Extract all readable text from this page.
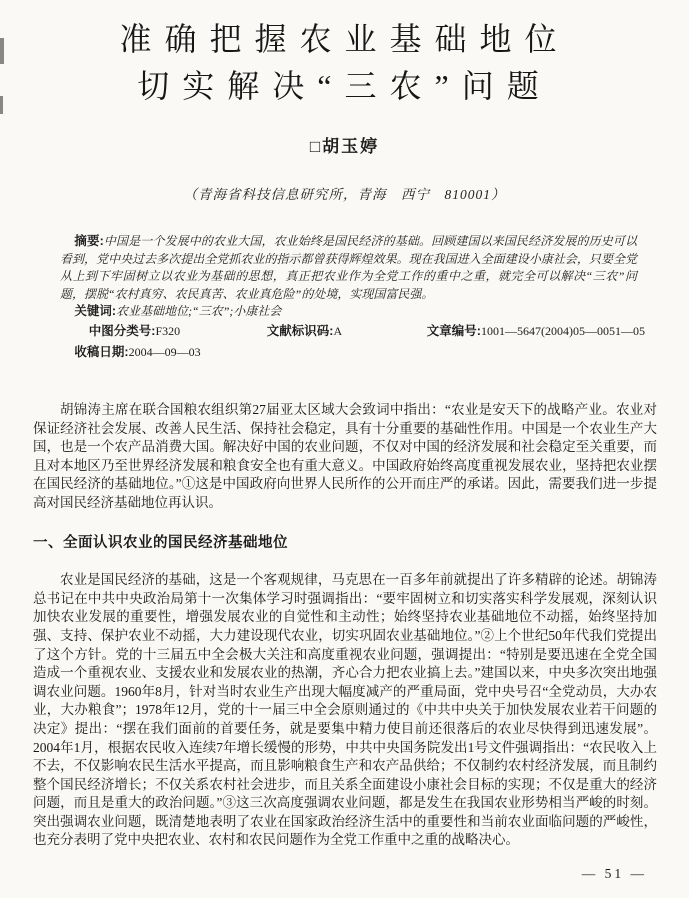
准确把握农业基础地位
切实解决“三农”问题
□胡玉婷
（青海省科技信息研究所，青海　西宁　810001）

摘要:中国是一个发展中的农业大国，农业始终是国民经济的基础。回顾建国以来国民经济发展的历史可以看到，党中央过去多次提出全党抓农业的指示都曾获得辉煌效果。现在我国进入全面建设小康社会，只要全党从上到下牢固树立以农业为基础的思想，真正把农业作为全党工作的重中之重，就完全可以解决“三农”问题，摆脱“农村真穷、农民真苦、农业真危险”的处境，实现国富民强。

关键词:农业基础地位;“三农”;小康社会

中图分类号:F320	文献标识码:A	文章编号:1001—5647(2004)05—0051—05
收稿日期:2004—09—03

胡锦涛主席在联合国粮农组织第27届亚太区域大会致词中指出：“农业是安天下的战略产业。农业对保证经济社会发展、改善人民生活、保持社会稳定，具有十分重要的基础性作用。中国是一个农业生产大国，也是一个农产品消费大国。解决好中国的农业问题，不仅对中国的经济发展和社会稳定至关重要，而且对本地区乃至世界经济发展和粮食安全也有重大意义。中国政府始终高度重视发展农业，坚持把农业摆在国民经济的基础地位。”①这是中国政府向世界人民所作的公开而庄严的承诺。因此，需要我们进一步提高对国民经济基础地位再认识。

一、全面认识农业的国民经济基础地位

农业是国民经济的基础，这是一个客观规律，马克思在一百多年前就提出了许多精辟的论述。胡锦涛总书记在中共中央政治局第十一次集体学习时强调指出：“要牢固树立和切实落实科学发展观，深刻认识加快农业发展的重要性，增强发展农业的自觉性和主动性；始终坚持农业基础地位不动摇，始终坚持加强、支持、保护农业不动摇，大力建设现代农业，切实巩固农业基础地位。”②上个世纪50年代我们党提出了这个方针。党的十三届五中全会极大关注和高度重视农业问题，强调提出：“特别是要迅速在全党全国造成一个重视农业、支援农业和发展农业的热潮，齐心合力把农业搞上去。”建国以来，中央多次突出地强调农业问题。1960年8月，针对当时农业生产出现大幅度减产的严重局面，党中央号召“全党动员，大办农业，大办粮食”；1978年12月，党的十一届三中全会原则通过的《中共中央关于加快发展农业若干问题的决定》提出：“摆在我们面前的首要任务，就是要集中精力使目前还很落后的农业尽快得到迅速发展”。2004年1月，根据农民收入连续7年增长缓慢的形势，中共中央国务院发出1号文件强调指出：“农民收入上不去，不仅影响农民生活水平提高，而且影响粮食生产和农产品供给；不仅制约农村经济发展，而且制约整个国民经济增长；不仅关系农村社会进步，而且关系全面建设小康社会目标的实现；不仅是重大的经济问题，而且是重大的政治问题。”③这三次高度强调农业问题，都是发生在我国农业形势相当严峻的时刻。突出强调农业问题，既清楚地表明了农业在国家政治经济生活中的重要性和当前农业面临问题的严峻性，也充分表明了党中央把农业、农村和农民问题作为全党工作重中之重的战略决心。

— 51 —
